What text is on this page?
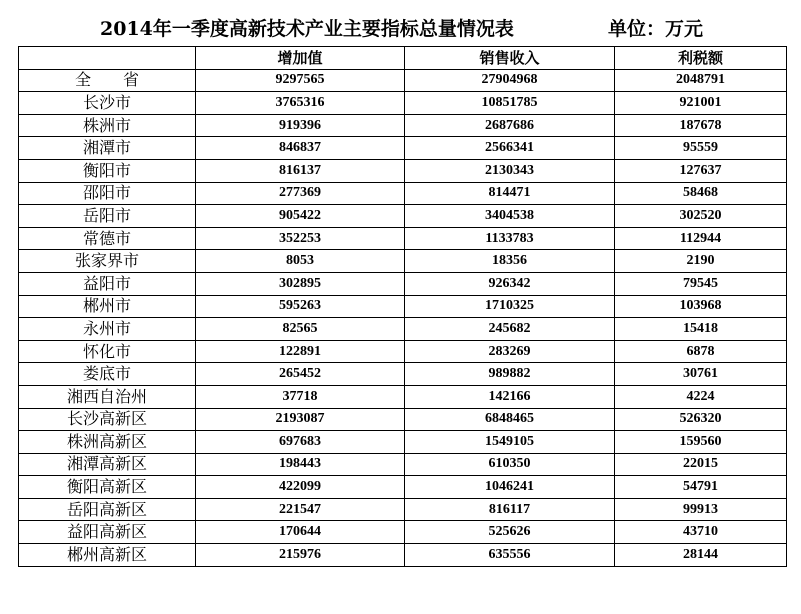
2014年一季度高新技术产业主要指标总量情况表	单位：万元
	增加值	销售收入	利税额
全　　省	9297565	27904968	2048791
长沙市	3765316	10851785	921001
株洲市	919396	2687686	187678
湘潭市	846837	2566341	95559
衡阳市	816137	2130343	127637
邵阳市	277369	814471	58468
岳阳市	905422	3404538	302520
常德市	352253	1133783	112944
张家界市	8053	18356	2190
益阳市	302895	926342	79545
郴州市	595263	1710325	103968
永州市	82565	245682	15418
怀化市	122891	283269	6878
娄底市	265452	989882	30761
湘西自治州	37718	142166	4224
长沙高新区	2193087	6848465	526320
株洲高新区	697683	1549105	159560
湘潭高新区	198443	610350	22015
衡阳高新区	422099	1046241	54791
岳阳高新区	221547	816117	99913
益阳高新区	170644	525626	43710
郴州高新区	215976	635556	28144
